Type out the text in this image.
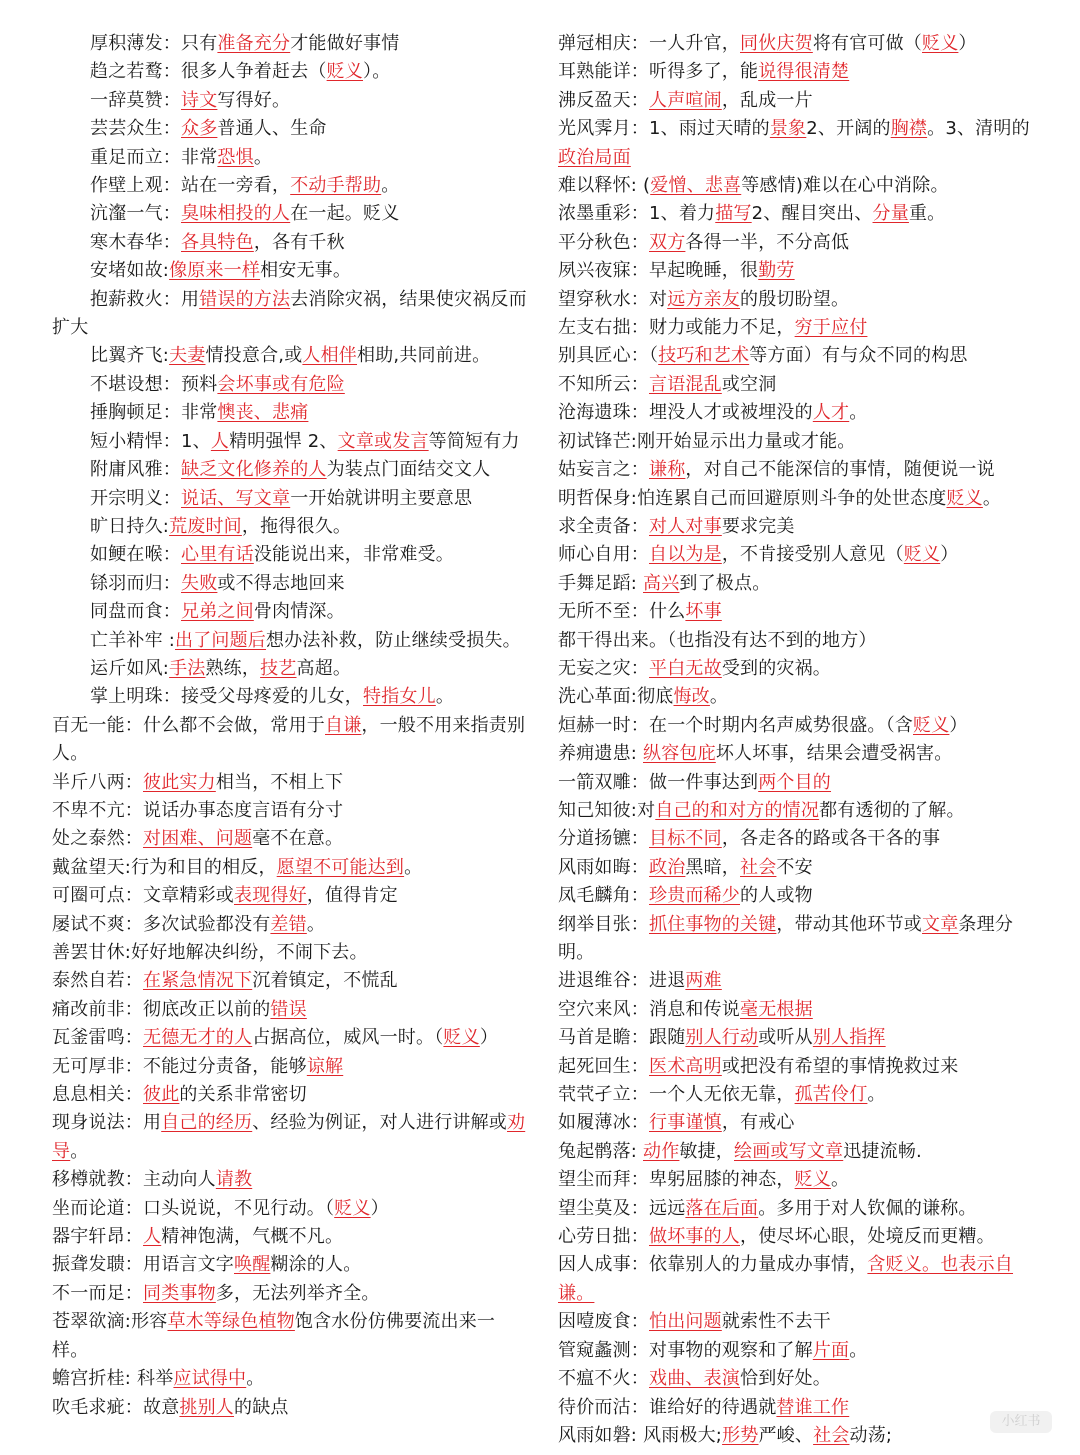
厚积薄发：只有准备充分才能做好事情
趋之若鹜：很多人争着赶去（贬义）。
一辞莫赞：诗文写得好。
芸芸众生：众多普通人、生命
重足而立：非常恐惧。
作壁上观：站在一旁看，不动手帮助。
沆瀣一气：臭味相投的人在一起。贬义
寒木春华：各具特色，各有千秋
安堵如故:像原来一样相安无事。
抱薪救火：用错误的方法去消除灾祸，结果使灾祸反而扩大
比翼齐飞:夫妻情投意合,或人相伴相助,共同前进。
不堪设想：预料会坏事或有危险
捶胸顿足：非常懊丧、悲痛
短小精悍：1、人精明强悍 2、文章或发言等简短有力
附庸风雅：缺乏文化修养的人为装点门面结交文人
开宗明义：说话、写文章一开始就讲明主要意思
旷日持久:荒废时间，拖得很久。
如鲠在喉：心里有话没能说出来，非常难受。
铩羽而归：失败或不得志地回来
同盘而食：兄弟之间骨肉情深。
亡羊补牢 :出了问题后想办法补救，防止继续受损失。
运斤如风:手法熟练，技艺高超。
掌上明珠：接受父母疼爱的儿女，特指女儿。
百无一能：什么都不会做，常用于自谦，一般不用来指责别人。
半斤八两：彼此实力相当，不相上下
不卑不亢：说话办事态度言语有分寸
处之泰然：对困难、问题毫不在意。
戴盆望天:行为和目的相反，愿望不可能达到。
可圈可点：文章精彩或表现得好，值得肯定
屡试不爽：多次试验都没有差错。
善罢甘休:好好地解决纠纷，不闹下去。
泰然自若：在紧急情况下沉着镇定，不慌乱
痛改前非：彻底改正以前的错误
瓦釜雷鸣：无德无才的人占据高位，威风一时。（贬义）
无可厚非：不能过分责备，能够谅解
息息相关：彼此的关系非常密切
现身说法：用自己的经历、经验为例证，对人进行讲解或劝导。
移樽就教：主动向人请教
坐而论道：口头说说，不见行动。（贬义）
器宇轩昂：人精神饱满，气概不凡。
振聋发聩：用语言文字唤醒糊涂的人。
不一而足：同类事物多，无法列举齐全。
苍翠欲滴:形容草木等绿色植物饱含水份仿佛要流出来一样。
蟾宫折桂: 科举应试得中。
吹毛求疵：故意挑别人的缺点
弹冠相庆：一人升官，同伙庆贺将有官可做（贬义）
耳熟能详：听得多了，能说得很清楚
沸反盈天：人声喧闹，乱成一片
光风霁月：1、雨过天晴的景象2、开阔的胸襟。3、清明的政治局面
难以释怀: (爱憎、悲喜等感情)难以在心中消除。
浓墨重彩：1、着力描写2、醒目突出、分量重。
平分秋色：双方各得一半，不分高低
夙兴夜寐：早起晚睡，很勤劳
望穿秋水：对远方亲友的殷切盼望。
左支右拙：财力或能力不足，穷于应付
别具匠心：（技巧和艺术等方面）有与众不同的构思
不知所云：言语混乱或空洞
沧海遗珠：埋没人才或被埋没的人才。
初试锋芒:刚开始显示出力量或才能。
姑妄言之：谦称，对自己不能深信的事情，随便说一说
明哲保身:怕连累自己而回避原则斗争的处世态度贬义。
求全责备：对人对事要求完美
师心自用：自以为是，不肯接受别人意见（贬义）
手舞足蹈: 高兴到了极点。
无所不至：什么坏事都干得出来。（也指没有达不到的地方）
无妄之灾：平白无故受到的灾祸。
洗心革面:彻底悔改。
烜赫一时：在一个时期内名声威势很盛。（含贬义）
养痈遗患: 纵容包庇坏人坏事，结果会遭受祸害。
一箭双雕：做一件事达到两个目的
知己知彼:对自己的和对方的情况都有透彻的了解。
分道扬镳：目标不同，各走各的路或各干各的事
风雨如晦：政治黑暗，社会不安
凤毛麟角：珍贵而稀少的人或物
纲举目张：抓住事物的关键，带动其他环节或文章条理分明。
进退维谷：进退两难
空穴来风：消息和传说毫无根据
马首是瞻：跟随别人行动或听从别人指挥
起死回生：医术高明或把没有希望的事情挽救过来
茕茕孑立：一个人无依无靠，孤苦伶仃。
如履薄冰：行事谨慎，有戒心
兔起鹘落: 动作敏捷，绘画或写文章迅捷流畅.
望尘而拜：卑躬屈膝的神态，贬义。
望尘莫及：远远落在后面。多用于对人钦佩的谦称。
心劳日拙：做坏事的人，使尽坏心眼，处境反而更糟。
因人成事：依靠别人的力量成办事情，含贬义。也表示自谦。
因噎废食：怕出问题就索性不去干
管窥蠡测：对事物的观察和了解片面。
不瘟不火：戏曲、表演恰到好处。
待价而沽：谁给好的待遇就替谁工作
风雨如磐: 风雨极大;形势严峻、社会动荡;
小红书
